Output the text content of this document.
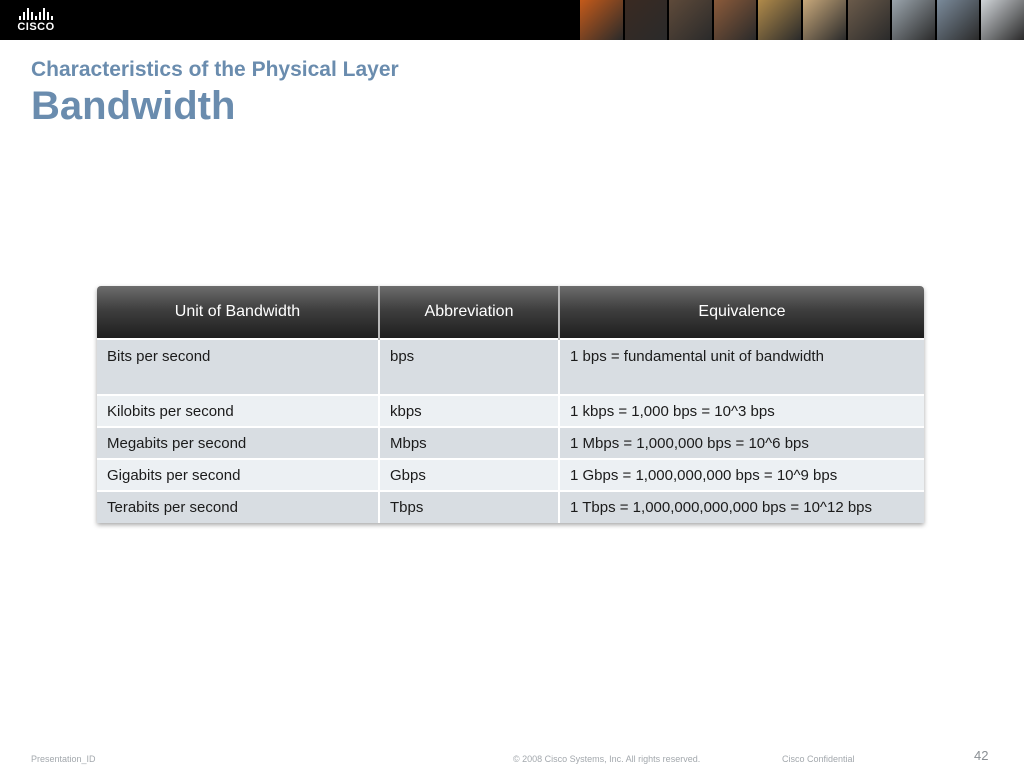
CISCO
Characteristics of the Physical Layer
Bandwidth
Unit of Bandwidth	Abbreviation	Equivalence
Bits per second	bps	1 bps = fundamental unit of bandwidth
Kilobits per second	kbps	1 kbps = 1,000 bps = 10^3 bps
Megabits per second	Mbps	1 Mbps = 1,000,000 bps = 10^6 bps
Gigabits per second	Gbps	1 Gbps = 1,000,000,000 bps = 10^9 bps
Terabits per second	Tbps	1 Tbps = 1,000,000,000,000 bps = 10^12 bps
Presentation_ID	© 2008 Cisco Systems, Inc. All rights reserved.	Cisco Confidential	42
